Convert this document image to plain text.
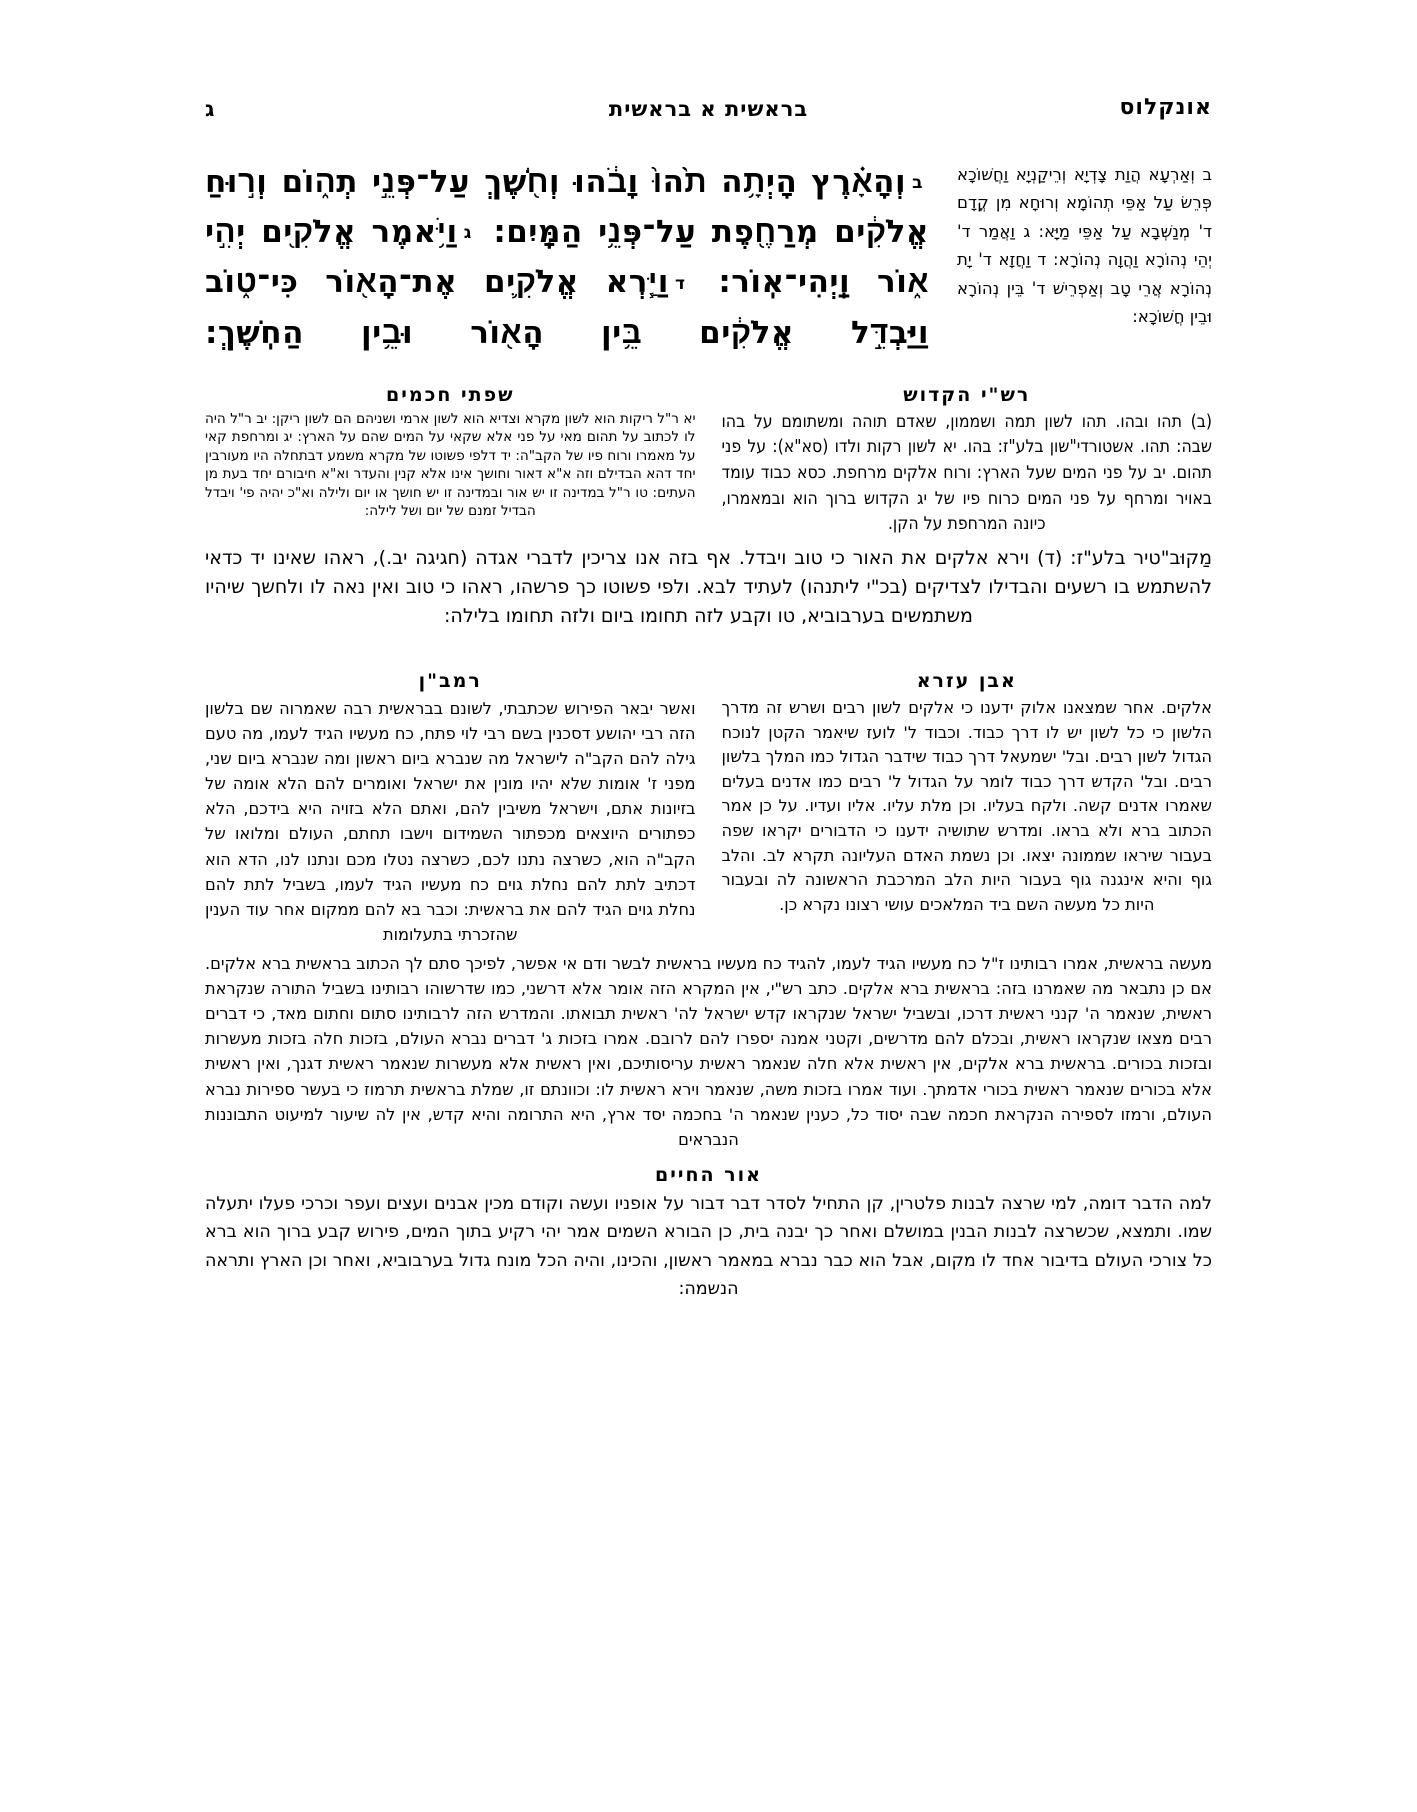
ג	בראשית א בראשית	אונקלוס
ב וְאַרְעָא הֲוַת צָדְיָא וְרֵיקַנְיָא וַחֲשׁוֹכָא פְּרֵשׂ עַל אַפֵּי תְהוֹמָא וְרוּחָא מִן קֳדָם ד' מְנַשְּׁבָא עַל אַפֵּי מַיָּא: ג וַאֲמַר ד' יְהֵי נְהוֹרָא וַהֲוָה נְהוֹרָא: ד וַחֲזָא ד' יָת נְהוֹרָא אֲרֵי טָב וְאַפְרֵישׁ ד' בֵּין נְהוֹרָא וּבֵין חֲשׁוֹכָא:
בוְהָאָ֗רֶץ הָיְתָ֥ה תֹ֙הוּ֙ וָבֹ֔הוּ וְחֹ֖שֶׁךְ עַל־פְּנֵ֣י תְה֑וֹם וְר֣וּחַ אֱלֹקִ֔ים מְרַחֶ֖פֶת עַל־פְּנֵ֥י הַמָּֽיִם: גוַיֹּ֥אמֶר אֱלֹקִ֖ים יְהִ֣י א֑וֹר וַֽיְהִי־אֽוֹר: דוַיַּ֧רְא אֱלֹקִ֛ים אֶת־הָא֖וֹר כִּי־ט֑וֹב וַיַּבְדֵּ֣ל אֱלֹקִ֔ים בֵּ֥ין הָא֖וֹר וּבֵ֥ין הַחֹֽשֶׁךְ:
רש"י הקדוש
(ב) תהו ובהו. תהו לשון תמה ושממון, שאדם תוהה ומשתומם על בהו שבה: תהו. אשטורדי"שון בלע"ז: בהו. יא לשון רקות ולדו (סא"א): על פני תהום. יב על פני המים שעל הארץ: ורוח אלקים מרחפת. כסא כבוד עומד באויר ומרחף על פני המים כרוח פיו של יג הקדוש ברוך הוא ובמאמרו, כיונה המרחפת על הקן.
שפתי חכמים
יא ר"ל ריקות הוא לשון מקרא וצדיא הוא לשון ארמי ושניהם הם לשון ריקן: יב ר"ל היה לו לכתוב על תהום מאי על פני אלא שקאי על המים שהם על הארץ: יג ומרחפת קאי על מאמרו ורוח פיו של הקב"ה: יד דלפי פשוטו של מקרא משמע דבתחלה היו מעורבין יחד דהא הבדילם וזה א"א דאור וחושך אינו אלא קנין והעדר וא"א חיבורם יחד בעת מן העתים: טו ר"ל במדינה זו יש אור ובמדינה זו יש חושך או יום ולילה וא"כ יהיה פי' ויבדל הבדיל זמנם של יום ושל לילה:
מַקוּב"טיר בלע"ז: (ד) וירא אלקים את האור כי טוב ויבדל. אף בזה אנו צריכין לדברי אגדה (חגיגה יב.), ראהו שאינו יד כדאי להשתמש בו רשעים והבדילו לצדיקים (בכ"י ליתנהו) לעתיד לבא. ולפי פשוטו כך פרשהו, ראהו כי טוב ואין נאה לו ולחשך שיהיו משתמשים בערבוביא, טו וקבע לזה תחומו ביום ולזה תחומו בלילה:
אבן עזרא
אלקים. אחר שמצאנו אלוק ידענו כי אלקים לשון רבים ושרש זה מדרך הלשון כי כל לשון יש לו דרך כבוד. וכבוד ל' לועז שיאמר הקטן לנוכח הגדול לשון רבים. ובל' ישמעאל דרך כבוד שידבר הגדול כמו המלך בלשון רבים. ובל' הקדש דרך כבוד לומר על הגדול ל' רבים כמו אדנים בעלים שאמרו אדנים קשה. ולקח בעליו. וכן מלת עליו. אליו ועדיו. על כן אמר הכתוב ברא ולא בראו. ומדרש שתושיה ידענו כי הדבורים יקראו שפה בעבור שיראו שממונה יצאו. וכן נשמת האדם העליונה תקרא לב. והלב גוף והיא אינגנה גוף בעבור היות הלב המרכבת הראשונה לה ובעבור היות כל מעשה השם ביד המלאכים עושי רצונו נקרא כן.
רמב"ן
ואשר יבאר הפירוש שכתבתי, לשונם בבראשית רבה שאמרוה שם בלשון הזה רבי יהושע דסכנין בשם רבי לוי פתח, כח מעשיו הגיד לעמו, מה טעם גילה להם הקב"ה לישראל מה שנברא ביום ראשון ומה שנברא ביום שני, מפני ז' אומות שלא יהיו מונין את ישראל ואומרים להם הלא אומה של בזיונות אתם, וישראל משיבין להם, ואתם הלא בזויה היא בידכם, הלא כפתורים היוצאים מכפתור השמידום וישבו תחתם, העולם ומלואו של הקב"ה הוא, כשרצה נתנו לכם, כשרצה נטלו מכם ונתנו לנו, הדא הוא דכתיב לתת להם נחלת גוים כח מעשיו הגיד לעמו, בשביל לתת להם נחלת גוים הגיד להם את בראשית: וכבר בא להם ממקום אחר עוד הענין שהזכרתי בתעלומות
מעשה בראשית, אמרו רבותינו ז"ל כח מעשיו הגיד לעמו, להגיד כח מעשיו בראשית לבשר ודם אי אפשר, לפיכך סתם לך הכתוב בראשית ברא אלקים. אם כן נתבאר מה שאמרנו בזה: בראשית ברא אלקים. כתב רש"י, אין המקרא הזה אומר אלא דרשני, כמו שדרשוהו רבותינו בשביל התורה שנקראת ראשית, שנאמר ה' קנני ראשית דרכו, ובשביל ישראל שנקראו קדש ישראל לה' ראשית תבואתו. והמדרש הזה לרבותינו סתום וחתום מאד, כי דברים רבים מצאו שנקראו ראשית, ובכלם להם מדרשים, וקטני אמנה יספרו להם לרובם. אמרו בזכות ג' דברים נברא העולם, בזכות חלה בזכות מעשרות ובזכות בכורים. בראשית ברא אלקים, אין ראשית אלא חלה שנאמר ראשית עריסותיכם, ואין ראשית אלא מעשרות שנאמר ראשית דגנך, ואין ראשית אלא בכורים שנאמר ראשית בכורי אדמתך. ועוד אמרו בזכות משה, שנאמר וירא ראשית לו: וכוונתם זו, שמלת בראשית תרמוז כי בעשר ספירות נברא העולם, ורמזו לספירה הנקראת חכמה שבה יסוד כל, כענין שנאמר ה' בחכמה יסד ארץ, היא התרומה והיא קדש, אין לה שיעור למיעוט התבוננות הנבראים
אור החיים
למה הדבר דומה, למי שרצה לבנות פלטרין, קן התחיל לסדר דבר דבור על אופניו ועשה וקודם מכין אבנים ועצים ועפר וכרכי פעלו יתעלה שמו. ותמצא, שכשרצה לבנות הבנין במושלם ואחר כך יבנה בית, כן הבורא השמים אמר יהי רקיע בתוך המים, פירוש קבע ברוך הוא ברא כל צורכי העולם בדיבור אחד לו מקום, אבל הוא כבר נברא במאמר ראשון, והכינו, והיה הכל מונח גדול בערבוביא, ואחר וכן הארץ ותראה הנשמה:
